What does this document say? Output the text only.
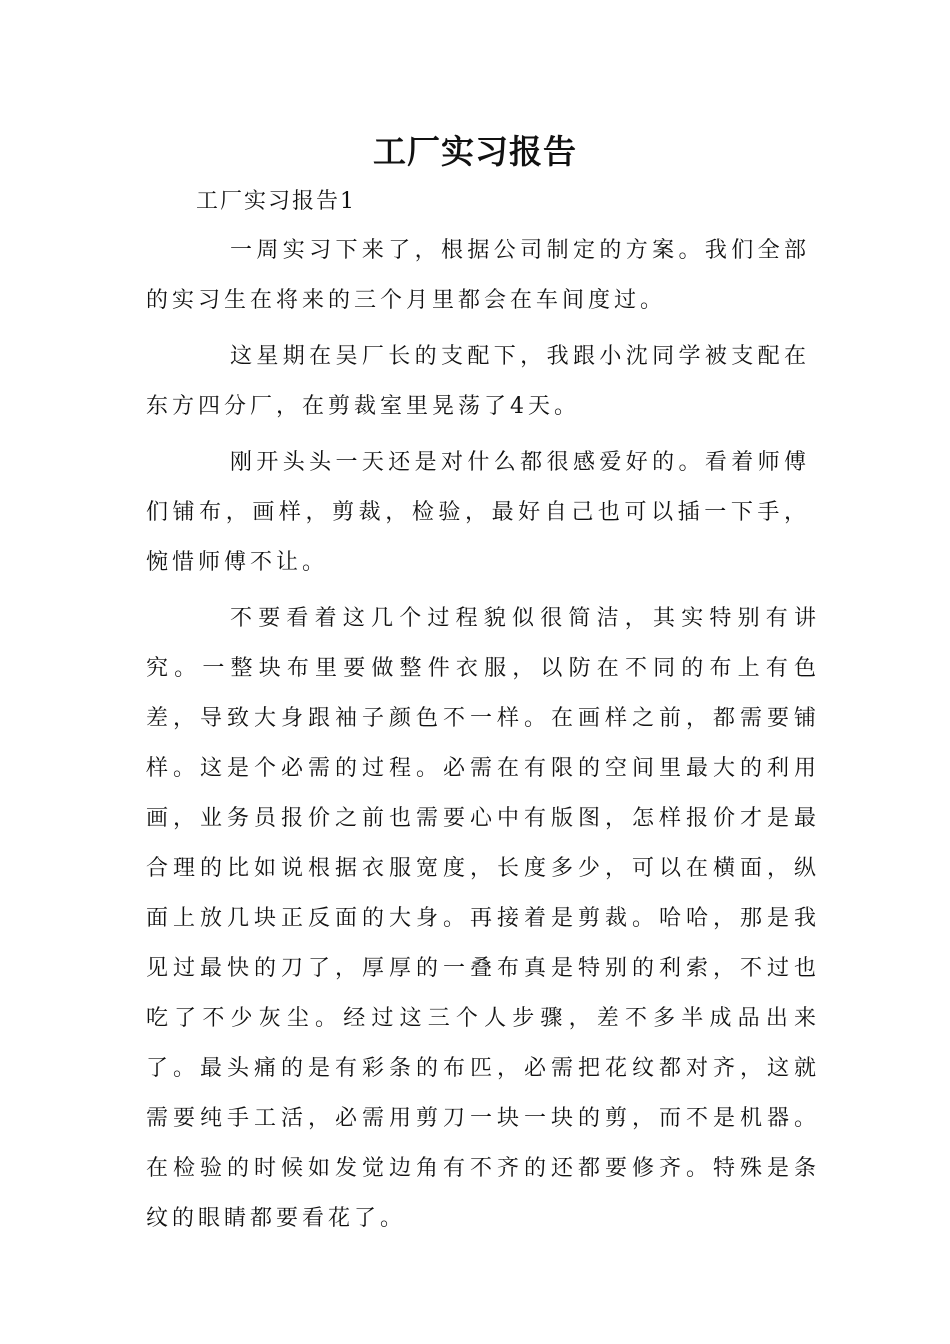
工厂实习报告
工厂实习报告1

一周实习下来了，根据公司制定的方案。我们全部的实习生在将来的三个月里都会在车间度过。

这星期在吴厂长的支配下，我跟小沈同学被支配在东方四分厂，在剪裁室里晃荡了4天。

刚开头头一天还是对什么都很感爱好的。看着师傅们铺布，画样，剪裁，检验，最好自己也可以插一下手，惋惜师傅不让。

不要看着这几个过程貌似很简洁，其实特别有讲究。一整块布里要做整件衣服，以防在不同的布上有色差，导致大身跟袖子颜色不一样。在画样之前，都需要铺样。这是个必需的过程。必需在有限的空间里最大的利用画，业务员报价之前也需要心中有版图，怎样报价才是最合理的比如说根据衣服宽度，长度多少，可以在横面，纵面上放几块正反面的大身。再接着是剪裁。哈哈，那是我见过最快的刀了，厚厚的一叠布真是特别的利索，不过也吃了不少灰尘。经过这三个人步骤，差不多半成品出来了。最头痛的是有彩条的布匹，必需把花纹都对齐，这就需要纯手工活，必需用剪刀一块一块的剪，而不是机器。在检验的时候如发觉边角有不齐的还都要修齐。特殊是条纹的眼睛都要看花了。
